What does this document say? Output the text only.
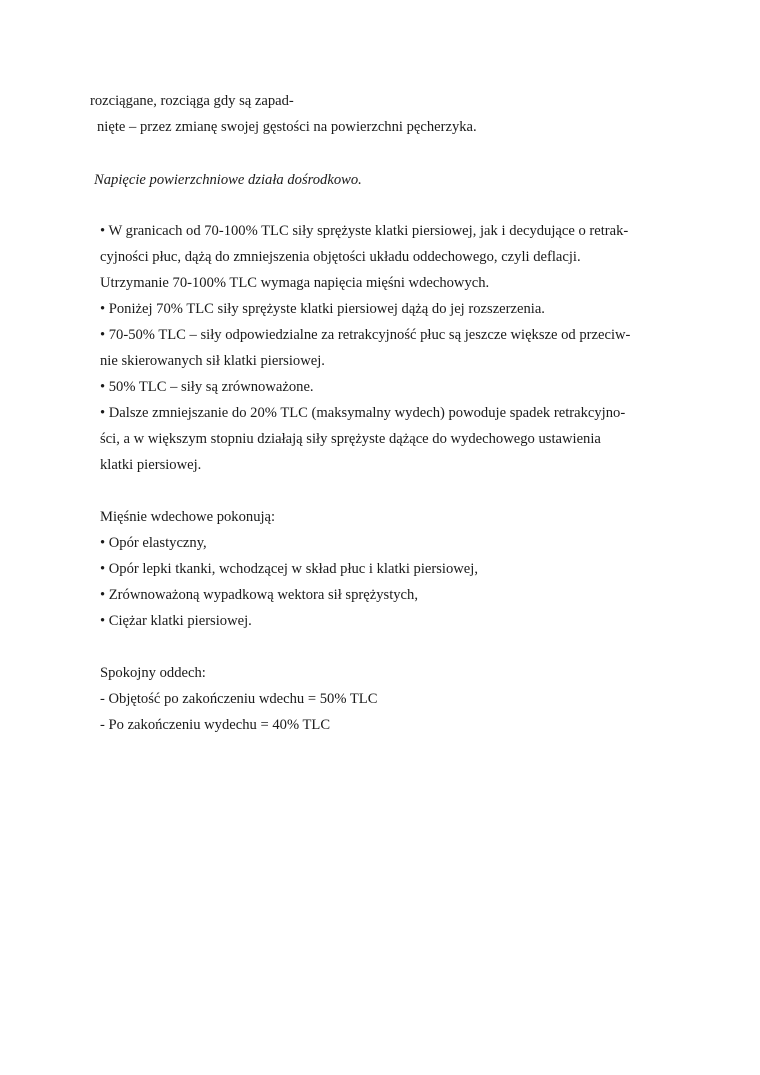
rozciągane, rozciąga gdy są zapad-
nięte – przez zmianę swojej gęstości na powierzchni pęcherzyka.
Napięcie powierzchniowe działa dośrodkowo.
• W granicach od 70-100% TLC siły sprężyste klatki piersiowej, jak i decydujące o retrak-
cyjności płuc, dążą do zmniejszenia objętości układu oddechowego, czyli deflacji.
Utrzymanie 70-100% TLC wymaga napięcia mięśni wdechowych.
• Poniżej 70% TLC siły sprężyste klatki piersiowej dążą do jej rozszerzenia.
• 70-50% TLC – siły odpowiedzialne za retrakcyjność płuc są jeszcze większe od przeciw-
nie skierowanych sił klatki piersiowej.
• 50% TLC – siły są zrównoważone.
• Dalsze zmniejszanie do 20% TLC (maksymalny wydech) powoduje spadek retrakcyjno-
ści, a w większym stopniu działają siły sprężyste dążące do wydechowego ustawienia
klatki piersiowej.
Mięśnie wdechowe pokonują:
• Opór elastyczny,
• Opór lepki tkanki, wchodzącej w skład płuc i klatki piersiowej,
• Zrównoważoną wypadkową wektora sił sprężystych,
• Ciężar klatki piersiowej.
Spokojny oddech:
- Objętość po zakończeniu wdechu = 50% TLC
- Po zakończeniu wydechu = 40% TLC
